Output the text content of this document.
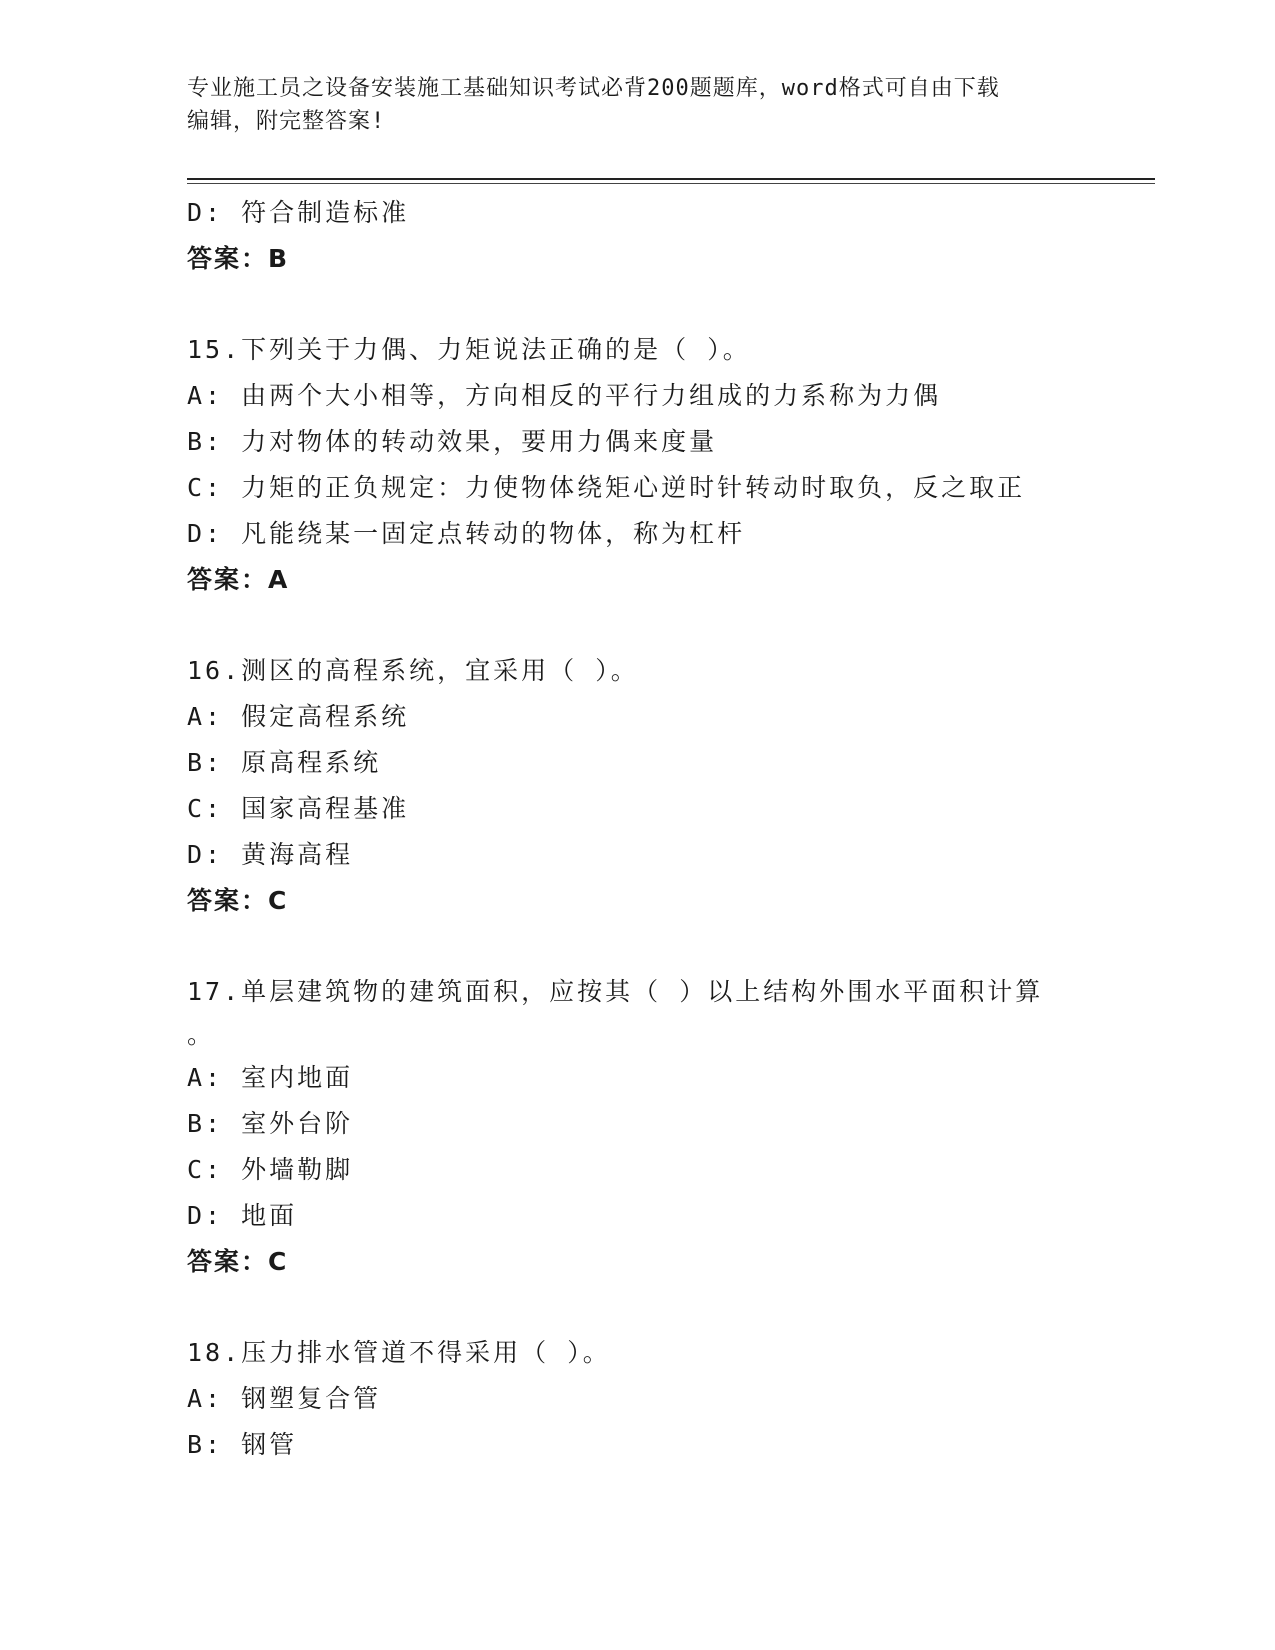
专业施工员之设备安装施工基础知识考试必背200题题库，word格式可自由下载
编辑，附完整答案!
D: 符合制造标准
答案：B
15.下列关于力偶、力矩说法正确的是（ ）。
A: 由两个大小相等，方向相反的平行力组成的力系称为力偶
B: 力对物体的转动效果，要用力偶来度量
C: 力矩的正负规定：力使物体绕矩心逆时针转动时取负，反之取正
D: 凡能绕某一固定点转动的物体，称为杠杆
答案：A
16.测区的高程系统，宜采用（ ）。
A: 假定高程系统
B: 原高程系统
C: 国家高程基准
D: 黄海高程
答案：C
17.单层建筑物的建筑面积，应按其（ ）以上结构外围水平面积计算
。
A: 室内地面
B: 室外台阶
C: 外墙勒脚
D: 地面
答案：C
18.压力排水管道不得采用（ ）。
A: 钢塑复合管
B: 钢管
